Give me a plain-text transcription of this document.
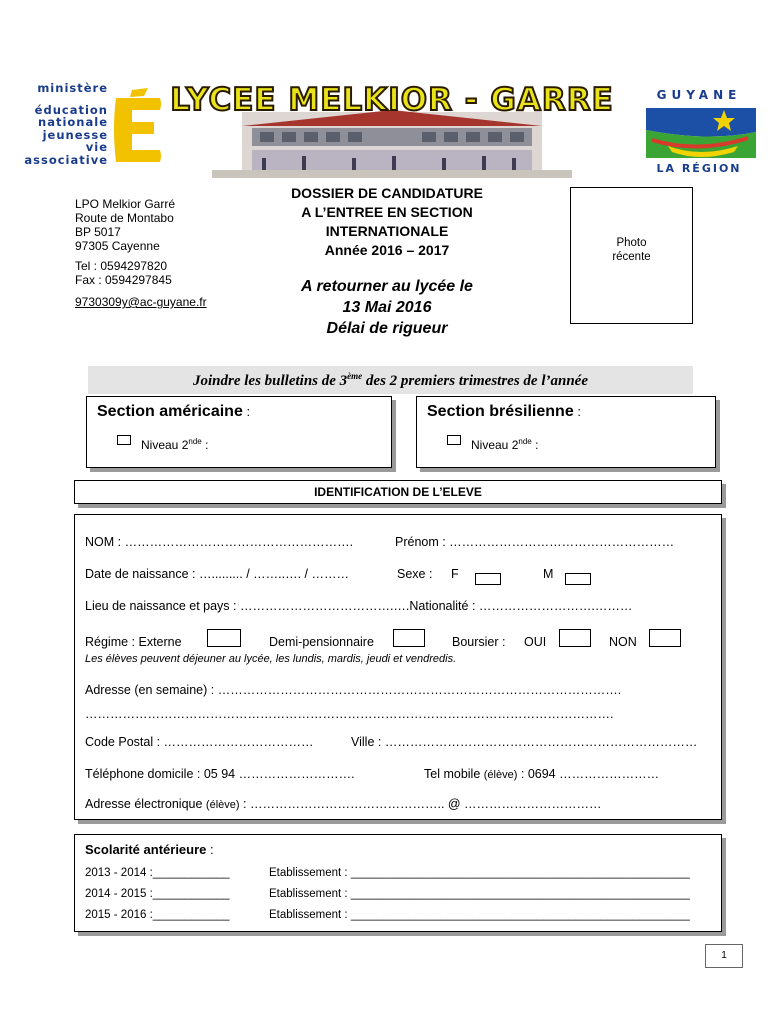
ministère
éducation
nationale
jeunesse
vie associative
LYCEE MELKIOR - GARRE	GUYANE
LA RÉGION
LPO Melkior Garré
Route de Montabo
BP 5017
97305 Cayenne
Tel : 0594297820
Fax : 0594297845
9730309y@ac-guyane.fr
DOSSIER DE CANDIDATURE
A L’ENTREE EN SECTION
INTERNATIONALE
Année 2016 – 2017
A retourner au lycée le
13 Mai 2016
Délai de rigueur
Photo
récente
Joindre les bulletins de 3ème des 2 premiers trimestres de l’année
Section américaine :
Niveau 2nde :
Section brésilienne :
Niveau 2nde :
IDENTIFICATION DE L’ELEVE
NOM : ……………………………………………….	Prénom : ………………………………………………
Date de naissance : …......... / ……..…. / ………	Sexe : F	M
Lieu de naissance et pays : ……………………………….….Nationalité : ……………………….………
Régime : Externe	Demi-pensionnaire	Boursier : OUI	NON
Les élèves peuvent déjeuner au lycée, les lundis, mardis, jeudi et vendredis.
Adresse (en semaine) : …………………………………………………………………………………….
……………………………………………………………………………………………………………….
Code Postal : ………………………………	Ville : …………………………………………………………………
Téléphone domicile : 05 94 ……………………….	Tel mobile (élève) : 0694 ……………………
Adresse électronique (élève) : ……………………………………….. @ ……………………………
Scolarité antérieure :
2013 - 2014 :____________	Etablissement : _____________________________________________________
2014 - 2015 :____________	Etablissement : _____________________________________________________
2015 - 2016 :____________	Etablissement : _____________________________________________________
1
